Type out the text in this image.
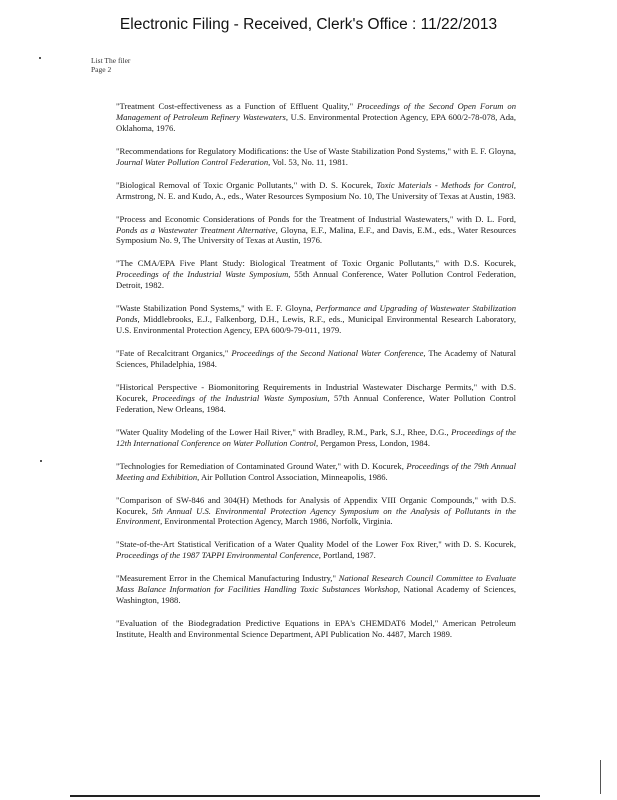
Electronic Filing - Received, Clerk's Office : 11/22/2013
List The filer
Page 2

"Treatment Cost-effectiveness as a Function of Effluent Quality," Proceedings of the Second Open Forum on Management of Petroleum Refinery Wastewaters, U.S. Environmental Protection Agency, EPA 600/2-78-078, Ada, Oklahoma, 1976.

"Recommendations for Regulatory Modifications: the Use of Waste Stabilization Pond Systems," with E. F. Gloyna, Journal Water Pollution Control Federation, Vol. 53, No. 11, 1981.

"Biological Removal of Toxic Organic Pollutants," with D. S. Kocurek, Toxic Materials - Methods for Control, Armstrong, N. E. and Kudo, A., eds., Water Resources Symposium No. 10, The University of Texas at Austin, 1983.

"Process and Economic Considerations of Ponds for the Treatment of Industrial Wastewaters," with D. L. Ford, Ponds as a Wastewater Treatment Alternative, Gloyna, E.F., Malina, E.F., and Davis, E.M., eds., Water Resources Symposium No. 9, The University of Texas at Austin, 1976.

"The CMA/EPA Five Plant Study: Biological Treatment of Toxic Organic Pollutants," with D.S. Kocurek, Proceedings of the Industrial Waste Symposium, 55th Annual Conference, Water Pollution Control Federation, Detroit, 1982.

"Waste Stabilization Pond Systems," with E. F. Gloyna, Performance and Upgrading of Wastewater Stabilization Ponds, Middlebrooks, E.J., Falkenborg, D.H., Lewis, R.F., eds., Municipal Environmental Research Laboratory, U.S. Environmental Protection Agency, EPA 600/9-79-011, 1979.

"Fate of Recalcitrant Organics," Proceedings of the Second National Water Conference, The Academy of Natural Sciences, Philadelphia, 1984.

"Historical Perspective - Biomonitoring Requirements in Industrial Wastewater Discharge Permits," with D.S. Kocurek, Proceedings of the Industrial Waste Symposium, 57th Annual Conference, Water Pollution Control Federation, New Orleans, 1984.

"Water Quality Modeling of the Lower Hail River," with Bradley, R.M., Park, S.J., Rhee, D.G., Proceedings of the 12th International Conference on Water Pollution Control, Pergamon Press, London, 1984.

"Technologies for Remediation of Contaminated Ground Water," with D. Kocurek, Proceedings of the 79th Annual Meeting and Exhibition, Air Pollution Control Association, Minneapolis, 1986.

"Comparison of SW-846 and 304(H) Methods for Analysis of Appendix VIII Organic Compounds," with D.S. Kocurek, 5th Annual U.S. Environmental Protection Agency Symposium on the Analysis of Pollutants in the Environment, Environmental Protection Agency, March 1986, Norfolk, Virginia.

"State-of-the-Art Statistical Verification of a Water Quality Model of the Lower Fox River," with D. S. Kocurek, Proceedings of the 1987 TAPPI Environmental Conference, Portland, 1987.

"Measurement Error in the Chemical Manufacturing Industry," National Research Council Committee to Evaluate Mass Balance Information for Facilities Handling Toxic Substances Workshop, National Academy of Sciences, Washington, 1988.

"Evaluation of the Biodegradation Predictive Equations in EPA's CHEMDAT6 Model," American Petroleum Institute, Health and Environmental Science Department, API Publication No. 4487, March 1989.
